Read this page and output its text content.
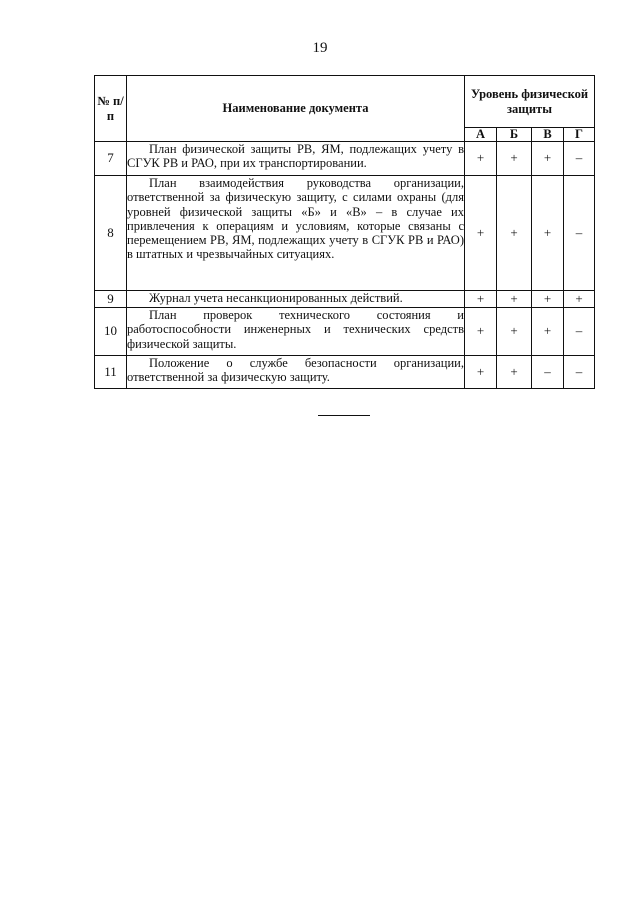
19
№ п/п	Наименование документа	Уровень физической защиты			
		А	Б	В	Г
7	План физической защиты РВ, ЯМ, подлежащих учету в СГУК РВ и РАО, при их транспортировании.	+	+	+	–
8	План взаимодействия руководства организации, ответственной за физическую защиту, с силами охраны (для уровней физической защиты «Б» и «В» – в случае их привлечения к операциям и условиям, которые связаны с перемещением РВ, ЯМ, подлежащих учету в СГУК РВ и РАО) в штатных и чрезвычайных ситуациях.	+	+	+	–
9	Журнал учета несанкционированных действий.	+	+	+	+
10	План проверок технического состояния и работоспособности инженерных и технических средств физической защиты.	+	+	+	–
11	Положение о службе безопасности организации, ответственной за физическую защиту.	+	+	–	–
